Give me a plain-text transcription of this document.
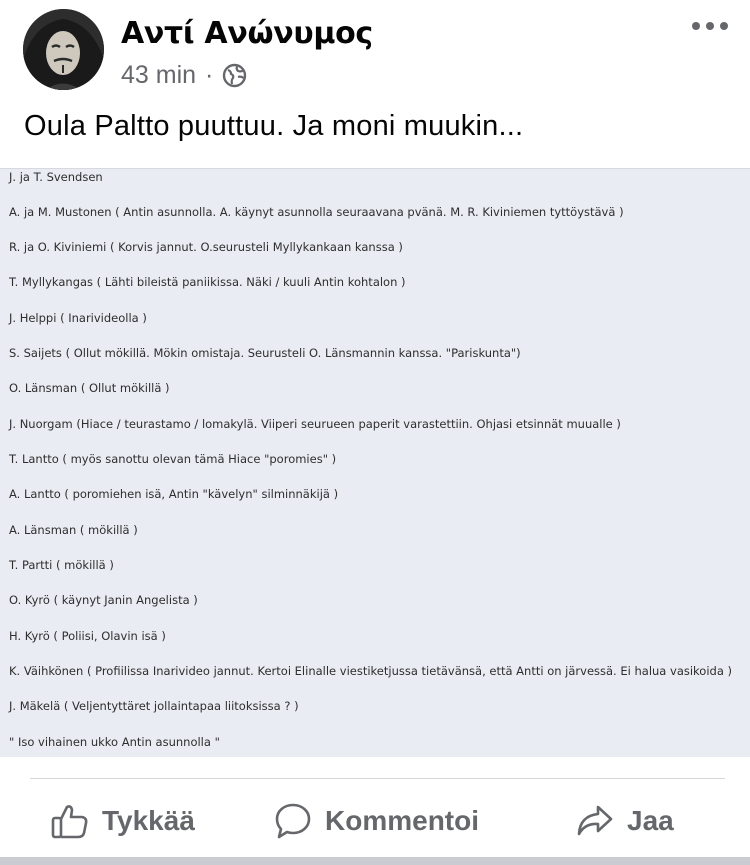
Αντί Ανώνυμος
43 min ·
Oula Paltto puuttuu. Ja moni muukin...
J. ja T. Svendsen
A. ja M. Mustonen ( Antin asunnolla. A. käynyt asunnolla seuraavana pvänä. M. R. Kiviniemen tyttöystävä )
R. ja O. Kiviniemi ( Korvis jannut. O.seurusteli Myllykankaan kanssa )
T. Myllykangas ( Lähti bileistä paniikissa. Näki / kuuli Antin kohtalon )
J. Helppi ( Inarivideolla )
S. Saijets ( Ollut mökillä. Mökin omistaja. Seurusteli O. Länsmannin kanssa. "Pariskunta")
O. Länsman ( Ollut mökillä )
J. Nuorgam (Hiace / teurastamo / lomakylä. Viiperi seurueen paperit varastettiin. Ohjasi etsinnät muualle )
T. Lantto ( myös sanottu olevan tämä Hiace "poromies" )
A. Lantto ( poromiehen isä, Antin "kävelyn" silminnäkijä )
A. Länsman ( mökillä )
T. Partti ( mökillä )
O. Kyrö ( käynyt Janin Angelista )
H. Kyrö ( Poliisi, Olavin isä )
K. Väihkönen ( Profiilissa Inarivideo jannut. Kertoi Elinalle viestiketjussa tietävänsä, että Antti on järvessä. Ei halua vasikoida )
J. Mäkelä ( Veljentyttäret jollaintapaa liitoksissa ? )
" Iso vihainen ukko Antin asunnolla "
Tykkää	Kommentoi	Jaa
